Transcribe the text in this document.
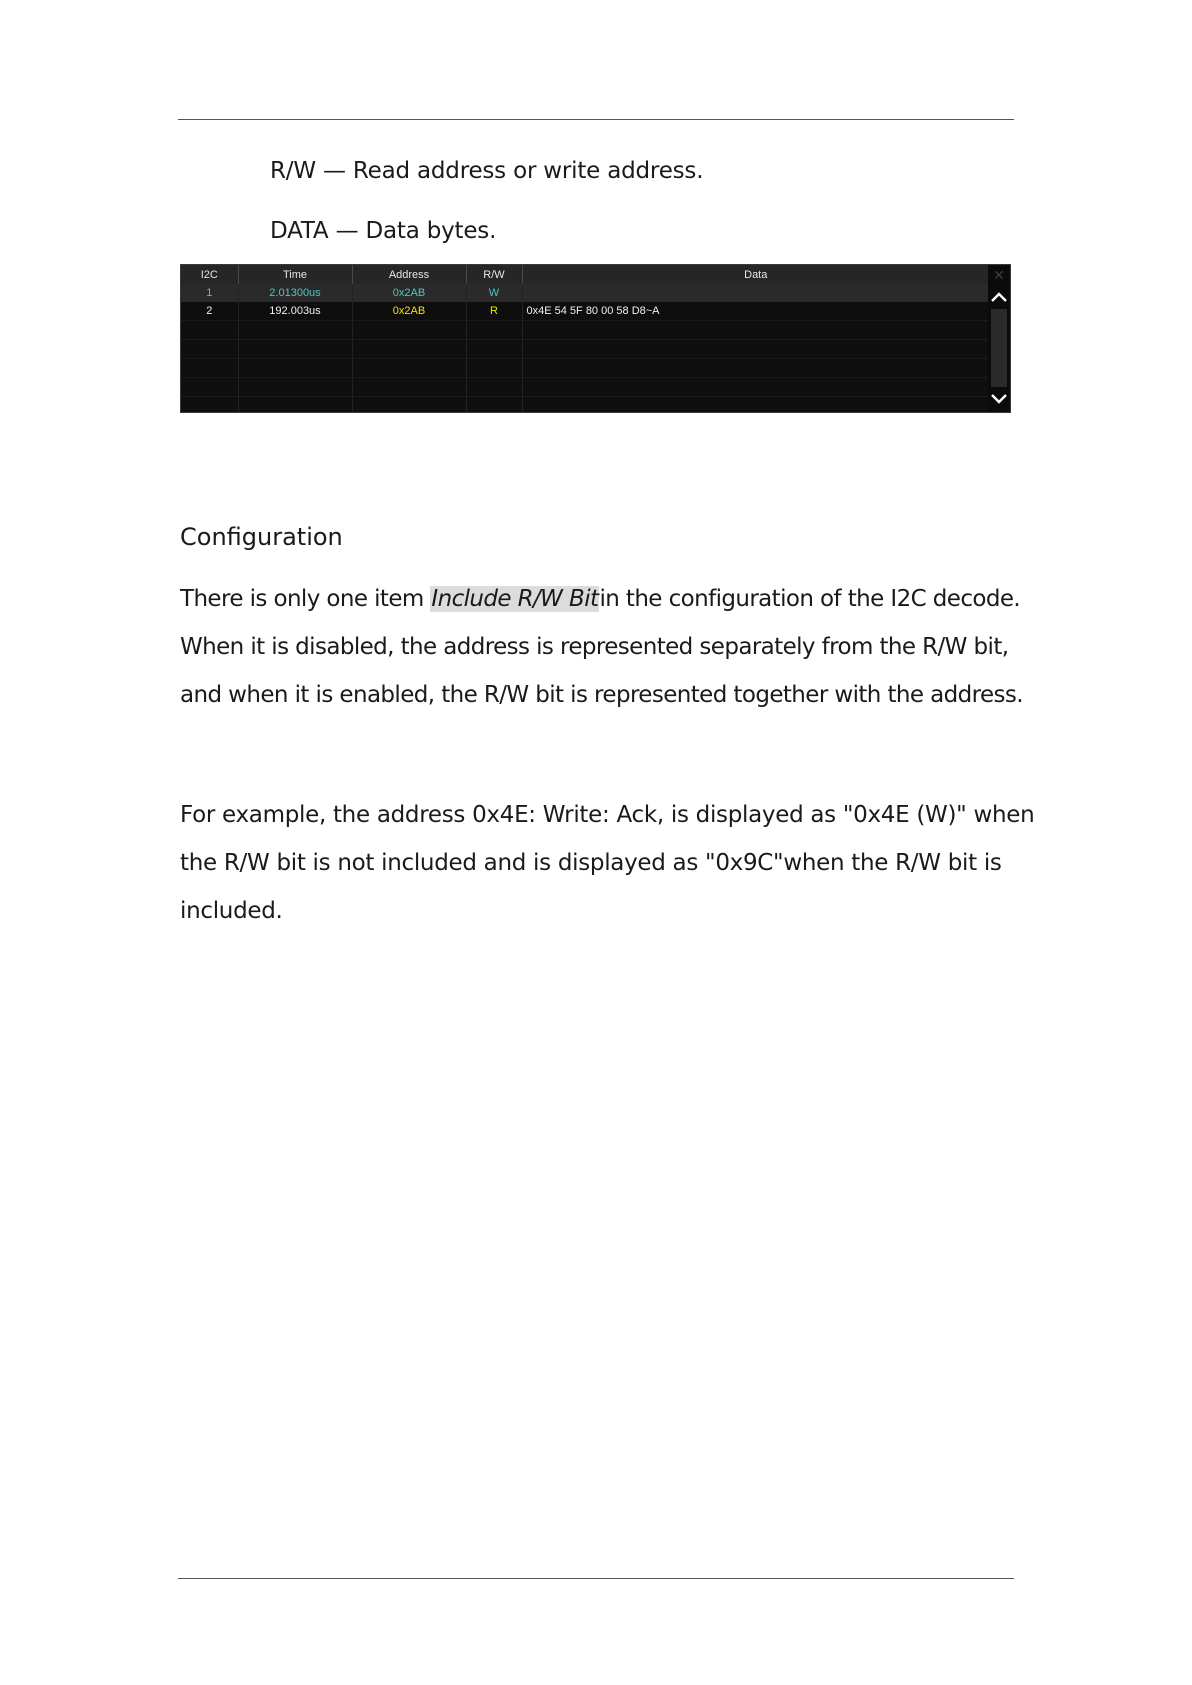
R/W — Read address or write address.
DATA — Data bytes.
I2C	Time	Address	R/W	Data
1	2.01300us	0x2AB	W	
2	192.003us	0x2AB	R	0x4E 54 5F 80 00 58 D8~A

✕
Configuration
There is only one item Include R/W Bitin the configuration of the I2C decode.
When it is disabled, the address is represented separately from the R/W bit,
and when it is enabled, the R/W bit is represented together with the address.
For example, the address 0x4E: Write: Ack, is displayed as "0x4E (W)" when
the R/W bit is not included and is displayed as "0x9C"when the R/W bit is
included.
